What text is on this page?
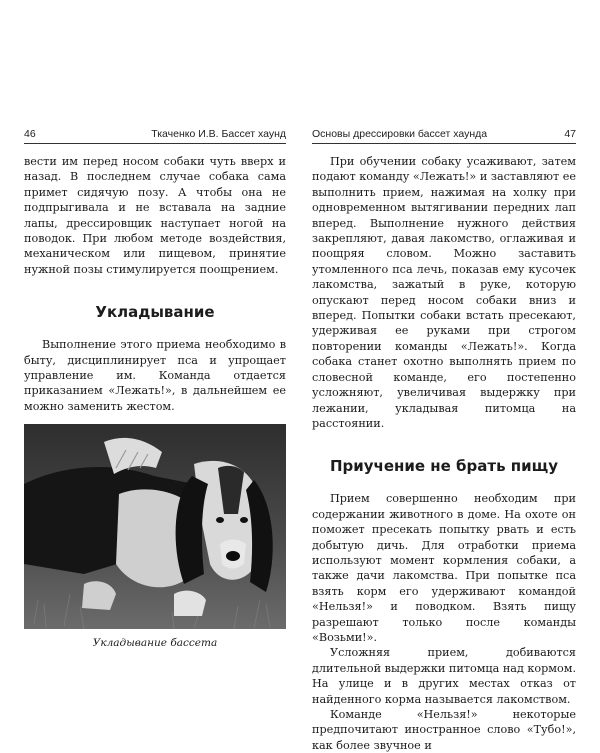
46	Ткаченко И.В. Бассет хаунд

вести им перед носом собаки чуть вверх и назад. В последнем случае собака сама примет сидячую позу. А чтобы она не подпрыгивала и не вставала на задние лапы, дрессировщик наступает ногой на поводок. При любом методе воздействия, механическом или пищевом, принятие нужной позы стимулируется поощрением.

Укладывание

Выполнение этого приема необходимо в быту, дисциплинирует пса и упрощает управление им. Команда отдается приказанием «Лежать!», в дальнейшем ее можно заменить жестом.

Укладывание бассета
Основы дрессировки бассет хаунда	47

При обучении собаку усаживают, затем подают команду «Лежать!» и заставляют ее выполнить прием, нажимая на холку при одновременном вытягивании передних лап вперед. Выполнение нужного действия закрепляют, давая лакомство, оглаживая и поощряя словом. Можно заставить утомленного пса лечь, показав ему кусочек лакомства, зажатый в руке, которую опускают перед носом собаки вниз и вперед. Попытки собаки встать пресекают, удерживая ее руками при строгом повторении команды «Лежать!». Когда собака станет охотно выполнять прием по словесной команде, его постепенно усложняют, увеличивая выдержку при лежании, укладывая питомца на расстоянии.

Приучение не брать пищу

Прием совершенно необходим при содержании животного в доме. На охоте он поможет пресекать попытку рвать и есть добытую дичь. Для отработки приема используют момент кормления собаки, а также дачи лакомства. При попытке пса взять корм его удерживают командой «Нельзя!» и поводком. Взять пищу разрешают только после команды «Возьми!».

Усложняя прием, добиваются длительной выдержки питомца над кормом. На улице и в других местах отказ от найденного корма называется лакомством.

Команде «Нельзя!» некоторые предпочитают иностранное слово «Тубо!», как более звучное и
